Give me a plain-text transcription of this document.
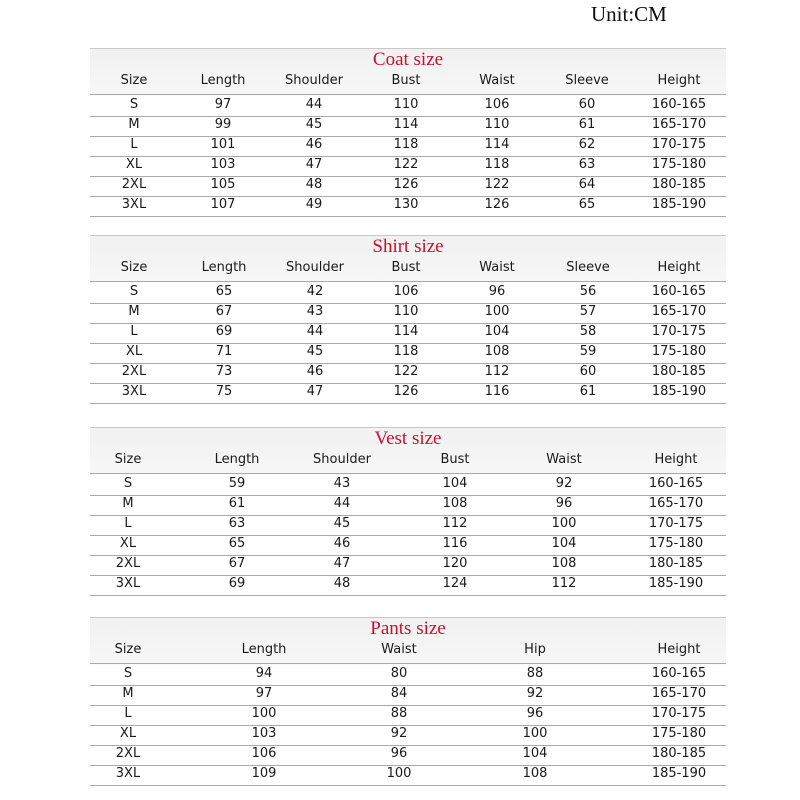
Unit:CM
Coat size
Size	Length	Shoulder	Bust	Waist	Sleeve	Height
S	97	44	110	106	60	160-165
M	99	45	114	110	61	165-170
L	101	46	118	114	62	170-175
XL	103	47	122	118	63	175-180
2XL	105	48	126	122	64	180-185
3XL	107	49	130	126	65	185-190
Shirt size
Size	Length	Shoulder	Bust	Waist	Sleeve	Height
S	65	42	106	96	56	160-165
M	67	43	110	100	57	165-170
L	69	44	114	104	58	170-175
XL	71	45	118	108	59	175-180
2XL	73	46	122	112	60	180-185
3XL	75	47	126	116	61	185-190
Vest size
Size	Length	Shoulder	Bust	Waist	Height
S	59	43	104	92	160-165
M	61	44	108	96	165-170
L	63	45	112	100	170-175
XL	65	46	116	104	175-180
2XL	67	47	120	108	180-185
3XL	69	48	124	112	185-190
Pants size
Size	Length	Waist	Hip	Height
S	94	80	88	160-165
M	97	84	92	165-170
L	100	88	96	170-175
XL	103	92	100	175-180
2XL	106	96	104	180-185
3XL	109	100	108	185-190
